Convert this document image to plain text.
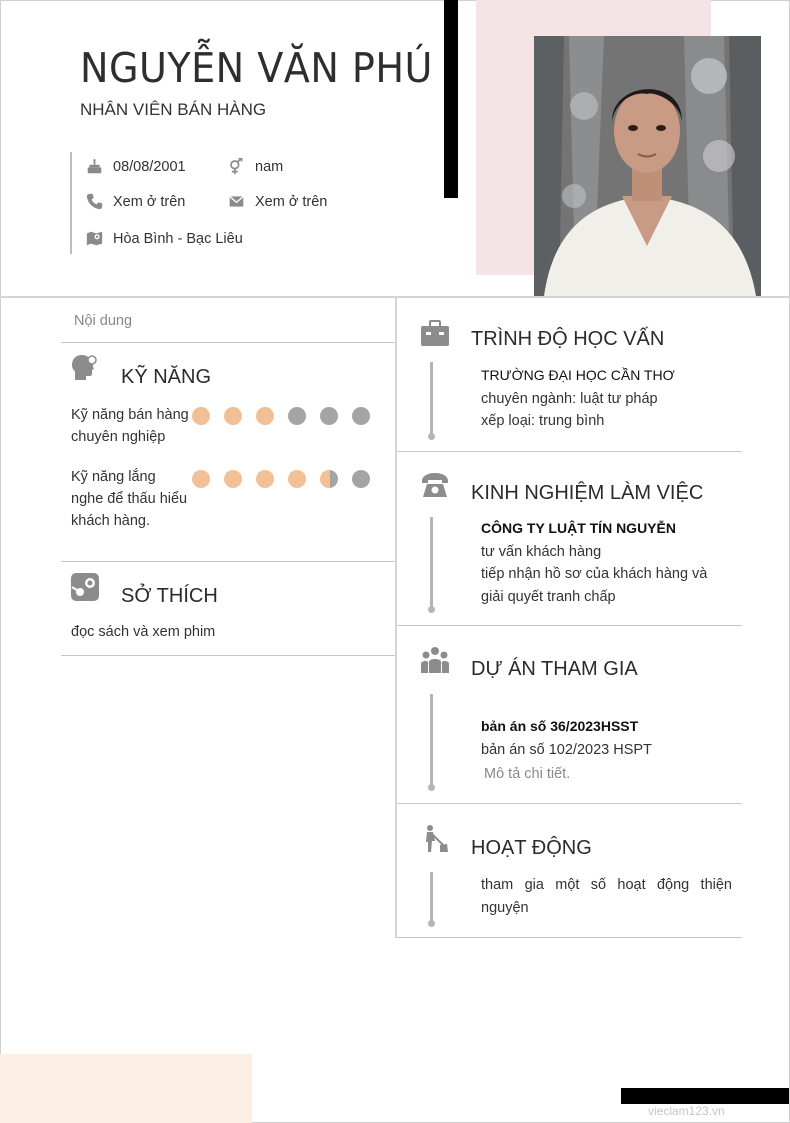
NGUYỄN VĂN PHÚ
NHÂN VIÊN BÁN HÀNG
08/08/2001	nam
Xem ở trên	Xem ở trên
Hòa Bình - Bạc Liêu
Nội dung
KỸ NĂNG
Kỹ năng bán hàng chuyên nghiệp
Kỹ năng lắng nghe để thấu hiểu khách hàng.
SỞ THÍCH
đọc sách và xem phim
TRÌNH ĐỘ HỌC VẤN
TRƯỜNG ĐẠI HỌC CẦN THƠ
chuyên ngành: luật tư pháp
xếp loại: trung bình
KINH NGHIỆM LÀM VIỆC
CÔNG TY LUẬT TÍN NGUYỄN
tư vấn khách hàng
tiếp nhận hồ sơ của khách hàng và giải quyết tranh chấp
DỰ ÁN THAM GIA
bản án số 36/2023HSST
bản án số 102/2023 HSPT
Mô tả chi tiết.
HOẠT ĐỘNG
tham gia một số hoạt động thiện nguyện
vieclam123.vn
